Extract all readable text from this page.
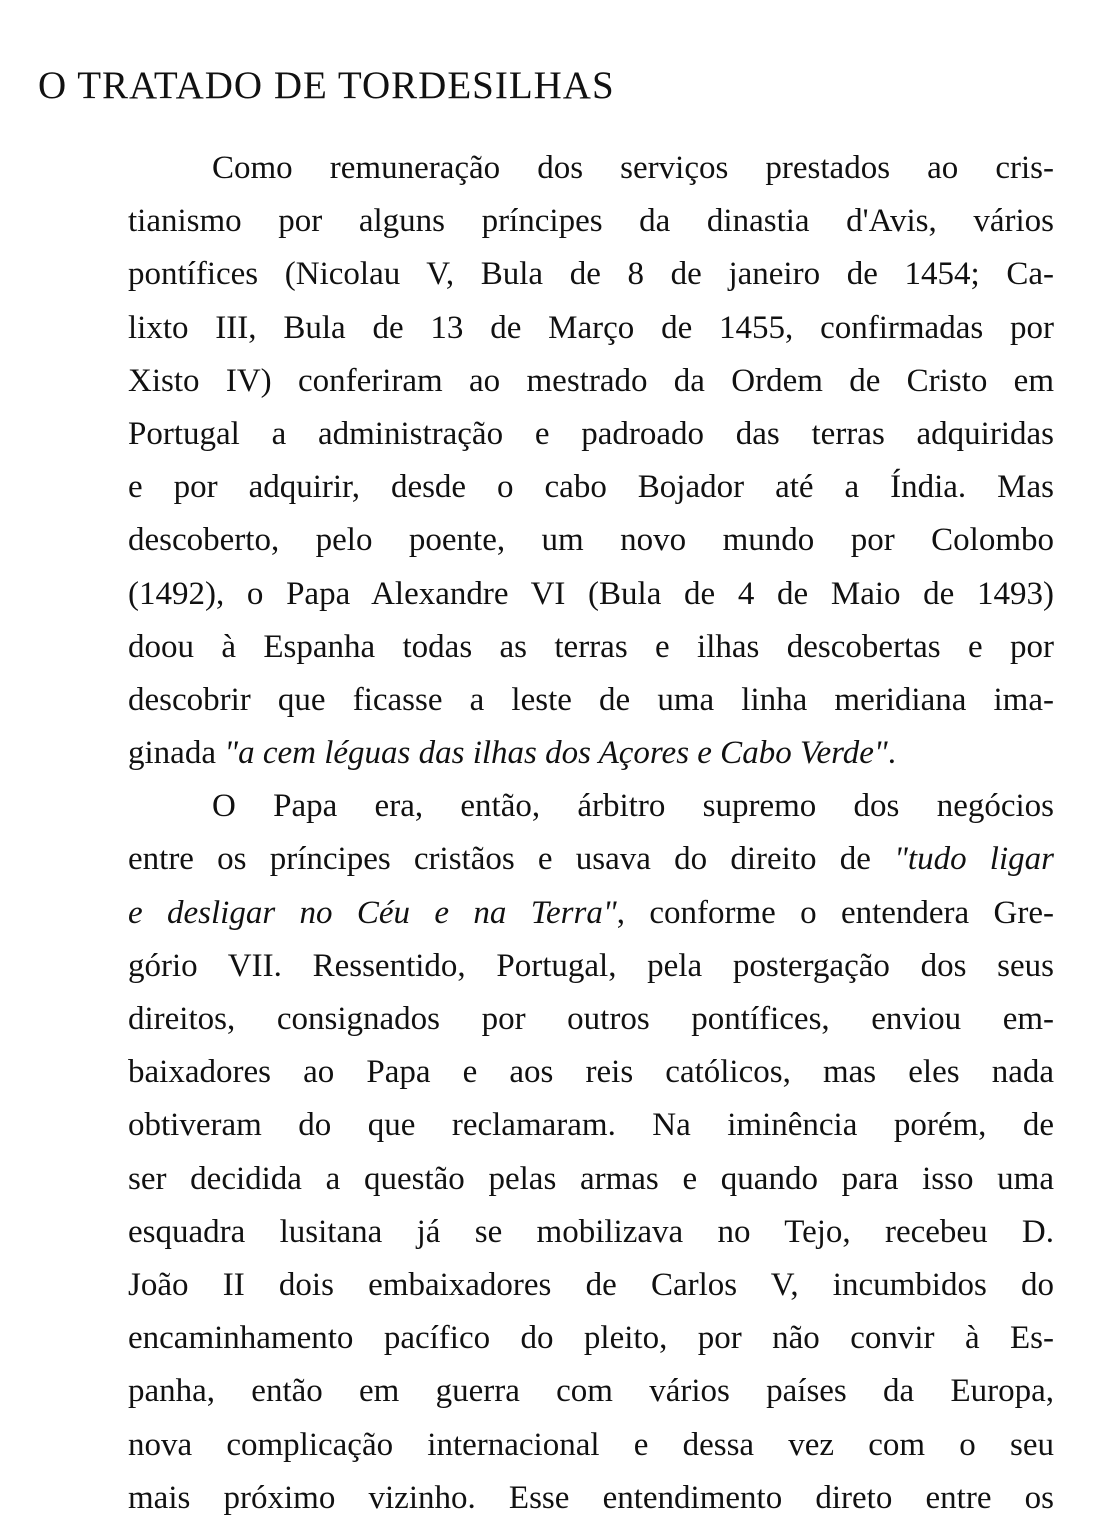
O TRATADO DE TORDESILHAS
Como remuneração dos serviços prestados ao cris-
tianismo por alguns príncipes da dinastia d'Avis, vários
pontífices (Nicolau V, Bula de 8 de janeiro de 1454; Ca-
lixto III, Bula de 13 de Março de 1455, confirmadas por
Xisto IV) conferiram ao mestrado da Ordem de Cristo em
Portugal a administração e padroado das terras adquiridas
e por adquirir, desde o cabo Bojador até a Índia. Mas
descoberto, pelo poente, um novo mundo por Colombo
(1492), o Papa Alexandre VI (Bula de 4 de Maio de 1493)
doou à Espanha todas as terras e ilhas descobertas e por
descobrir que ficasse a leste de uma linha meridiana ima-
ginada "a cem léguas das ilhas dos Açores e Cabo Verde".
O Papa era, então, árbitro supremo dos negócios
entre os príncipes cristãos e usava do direito de "tudo ligar
e desligar no Céu e na Terra", conforme o entendera Gre-
gório VII. Ressentido, Portugal, pela postergação dos seus
direitos, consignados por outros pontífices, enviou em-
baixadores ao Papa e aos reis católicos, mas eles nada
obtiveram do que reclamaram. Na iminência porém, de
ser decidida a questão pelas armas e quando para isso uma
esquadra lusitana já se mobilizava no Tejo, recebeu D.
João II dois embaixadores de Carlos V, incumbidos do
encaminhamento pacífico do pleito, por não convir à Es-
panha, então em guerra com vários países da Europa,
nova complicação internacional e dessa vez com o seu
mais próximo vizinho. Esse entendimento direto entre os
